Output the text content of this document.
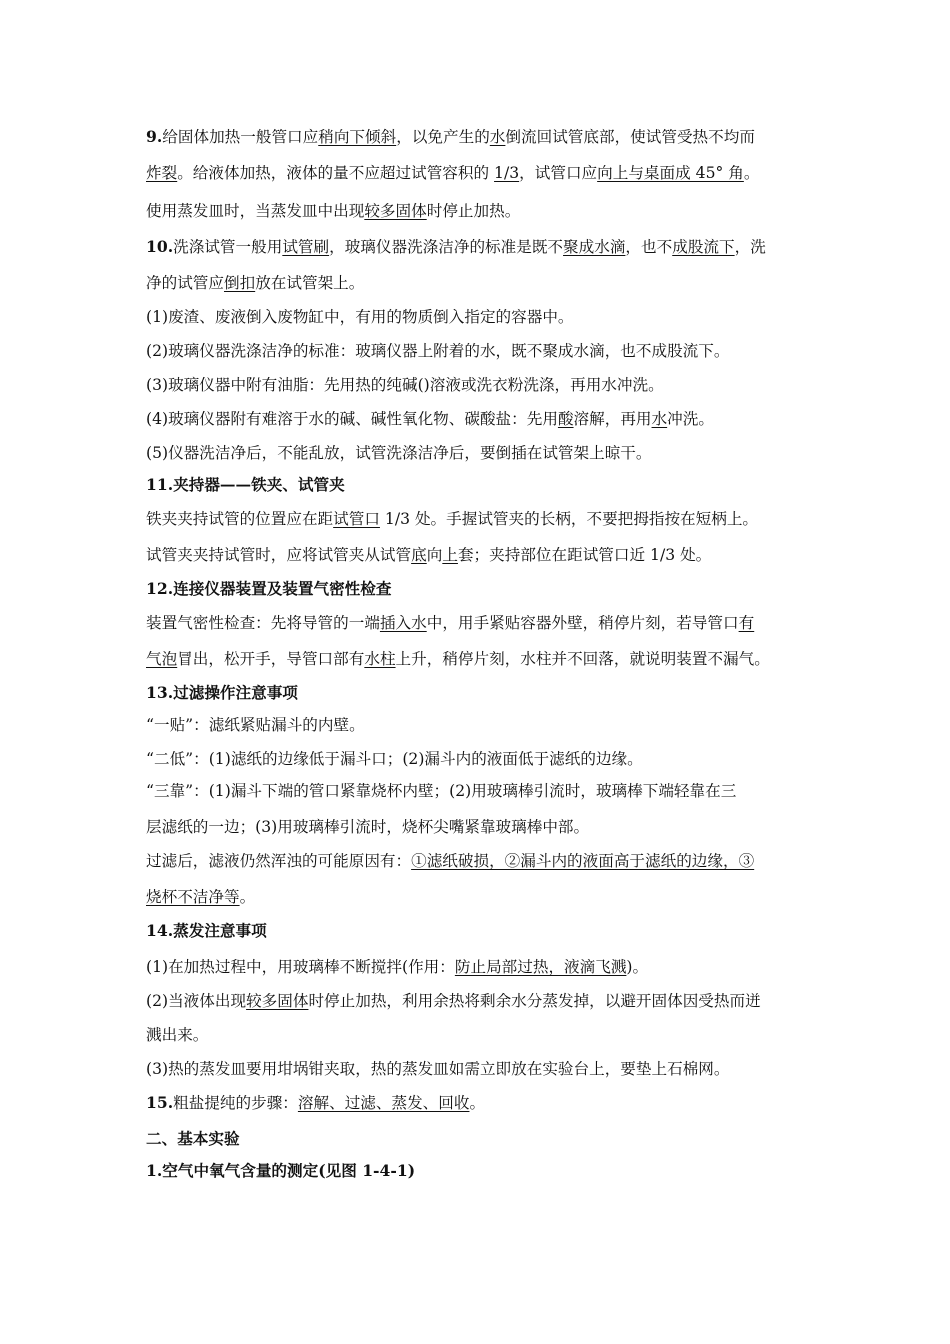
9.给固体加热一般管口应稍向下倾斜，以免产生的水倒流回试管底部，使试管受热不均而
炸裂。给液体加热，液体的量不应超过试管容积的 1/3，试管口应向上与桌面成 45° 角。
使用蒸发皿时，当蒸发皿中出现较多固体时停止加热。
10.洗涤试管一般用试管刷，玻璃仪器洗涤洁净的标准是既不聚成水滴，也不成股流下，洗
净的试管应倒扣放在试管架上。
(1)废渣、废液倒入废物缸中，有用的物质倒入指定的容器中。
(2)玻璃仪器洗涤洁净的标准：玻璃仪器上附着的水，既不聚成水滴，也不成股流下。
(3)玻璃仪器中附有油脂：先用热的纯碱()溶液或洗衣粉洗涤，再用水冲洗。
(4)玻璃仪器附有难溶于水的碱、碱性氧化物、碳酸盐：先用酸溶解，再用水冲洗。
(5)仪器洗洁净后，不能乱放，试管洗涤洁净后，要倒插在试管架上晾干。
11.夹持器——铁夹、试管夹
铁夹夹持试管的位置应在距试管口 1/3 处。手握试管夹的长柄，不要把拇指按在短柄上。
试管夹夹持试管时，应将试管夹从试管底向上套；夹持部位在距试管口近 1/3 处。
12.连接仪器装置及装置气密性检查
装置气密性检查：先将导管的一端插入水中，用手紧贴容器外壁，稍停片刻，若导管口有
气泡冒出，松开手，导管口部有水柱上升，稍停片刻，水柱并不回落，就说明装置不漏气。
13.过滤操作注意事项
“一贴”：滤纸紧贴漏斗的内壁。
“二低”：(1)滤纸的边缘低于漏斗口；(2)漏斗内的液面低于滤纸的边缘。
“三靠”：(1)漏斗下端的管口紧靠烧杯内壁；(2)用玻璃棒引流时，玻璃棒下端轻靠在三
层滤纸的一边；(3)用玻璃棒引流时，烧杯尖嘴紧靠玻璃棒中部。
过滤后，滤液仍然浑浊的可能原因有：①滤纸破损，②漏斗内的液面高于滤纸的边缘，③
烧杯不洁净等。
14.蒸发注意事项
(1)在加热过程中，用玻璃棒不断搅拌(作用：防止局部过热，液滴飞溅)。
(2)当液体出现较多固体时停止加热，利用余热将剩余水分蒸发掉，以避开固体因受热而迸
溅出来。
(3)热的蒸发皿要用坩埚钳夹取，热的蒸发皿如需立即放在实验台上，要垫上石棉网。
15.粗盐提纯的步骤：溶解、过滤、蒸发、回收。
二、基本实验
1.空气中氧气含量的测定(见图 1-4-1)
